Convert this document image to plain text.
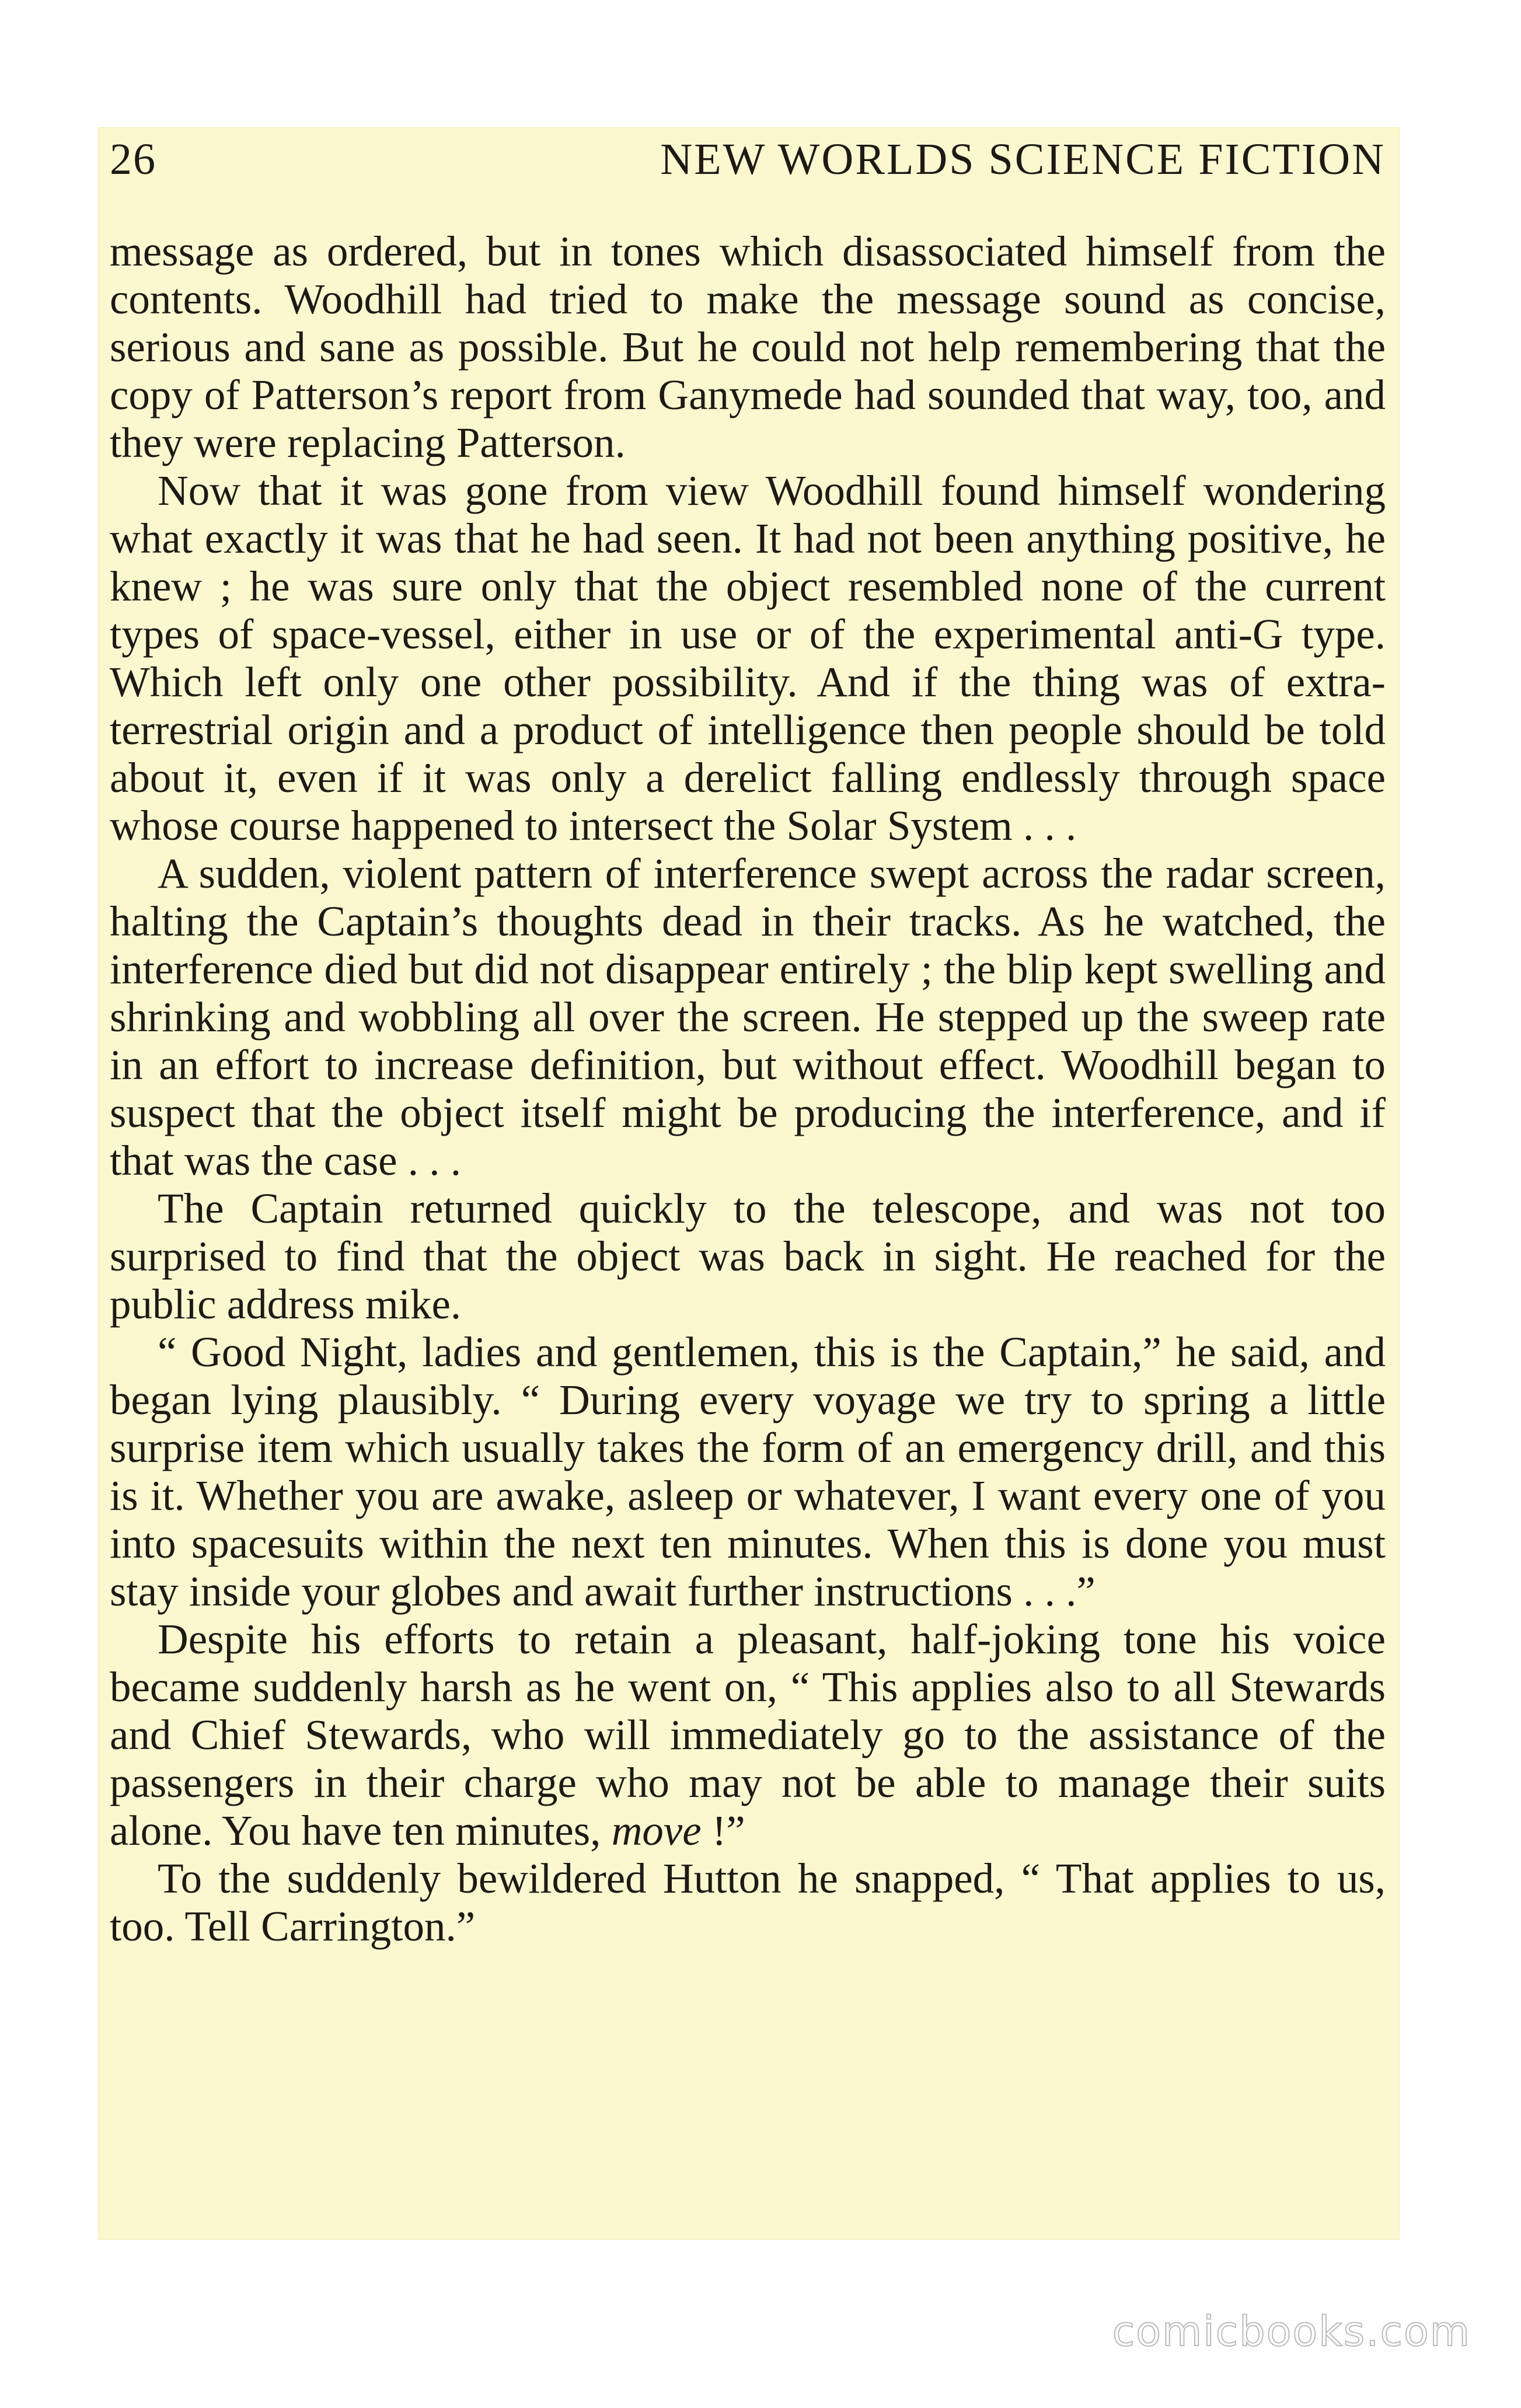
26	NEW WORLDS SCIENCE FICTION

message as ordered, but in tones which disassociated himself from the contents. Woodhill had tried to make the message sound as concise, serious and sane as possible. But he could not help remembering that the copy of Patterson’s report from Ganymede had sounded that way, too, and they were replacing Patterson.

Now that it was gone from view Woodhill found himself wondering what exactly it was that he had seen. It had not been anything positive, he knew ; he was sure only that the object resembled none of the current types of space-vessel, either in use or of the experimental anti-G type. Which left only one other possibility. And if the thing was of extra-terrestrial origin and a product of intelligence then people should be told about it, even if it was only a derelict falling endlessly through space whose course happened to intersect the Solar System . . .

A sudden, violent pattern of interference swept across the radar screen, halting the Captain’s thoughts dead in their tracks. As he watched, the interference died but did not disappear entirely ; the blip kept swelling and shrinking and wobbling all over the screen. He stepped up the sweep rate in an effort to increase definition, but without effect. Woodhill began to suspect that the object itself might be producing the interference, and if that was the case . . .

The Captain returned quickly to the telescope, and was not too surprised to find that the object was back in sight. He reached for the public address mike.

“ Good Night, ladies and gentlemen, this is the Captain,” he said, and began lying plausibly. “ During every voyage we try to spring a little surprise item which usually takes the form of an emergency drill, and this is it. Whether you are awake, asleep or whatever, I want every one of you into spacesuits within the next ten minutes. When this is done you must stay inside your globes and await further instructions . . .”

Despite his efforts to retain a pleasant, half-joking tone his voice became suddenly harsh as he went on, “ This applies also to all Stewards and Chief Stewards, who will immediately go to the assistance of the passengers in their charge who may not be able to manage their suits alone. You have ten minutes, move !”

To the suddenly bewildered Hutton he snapped, “ That applies to us, too. Tell Carrington.”

comicbooks.com
